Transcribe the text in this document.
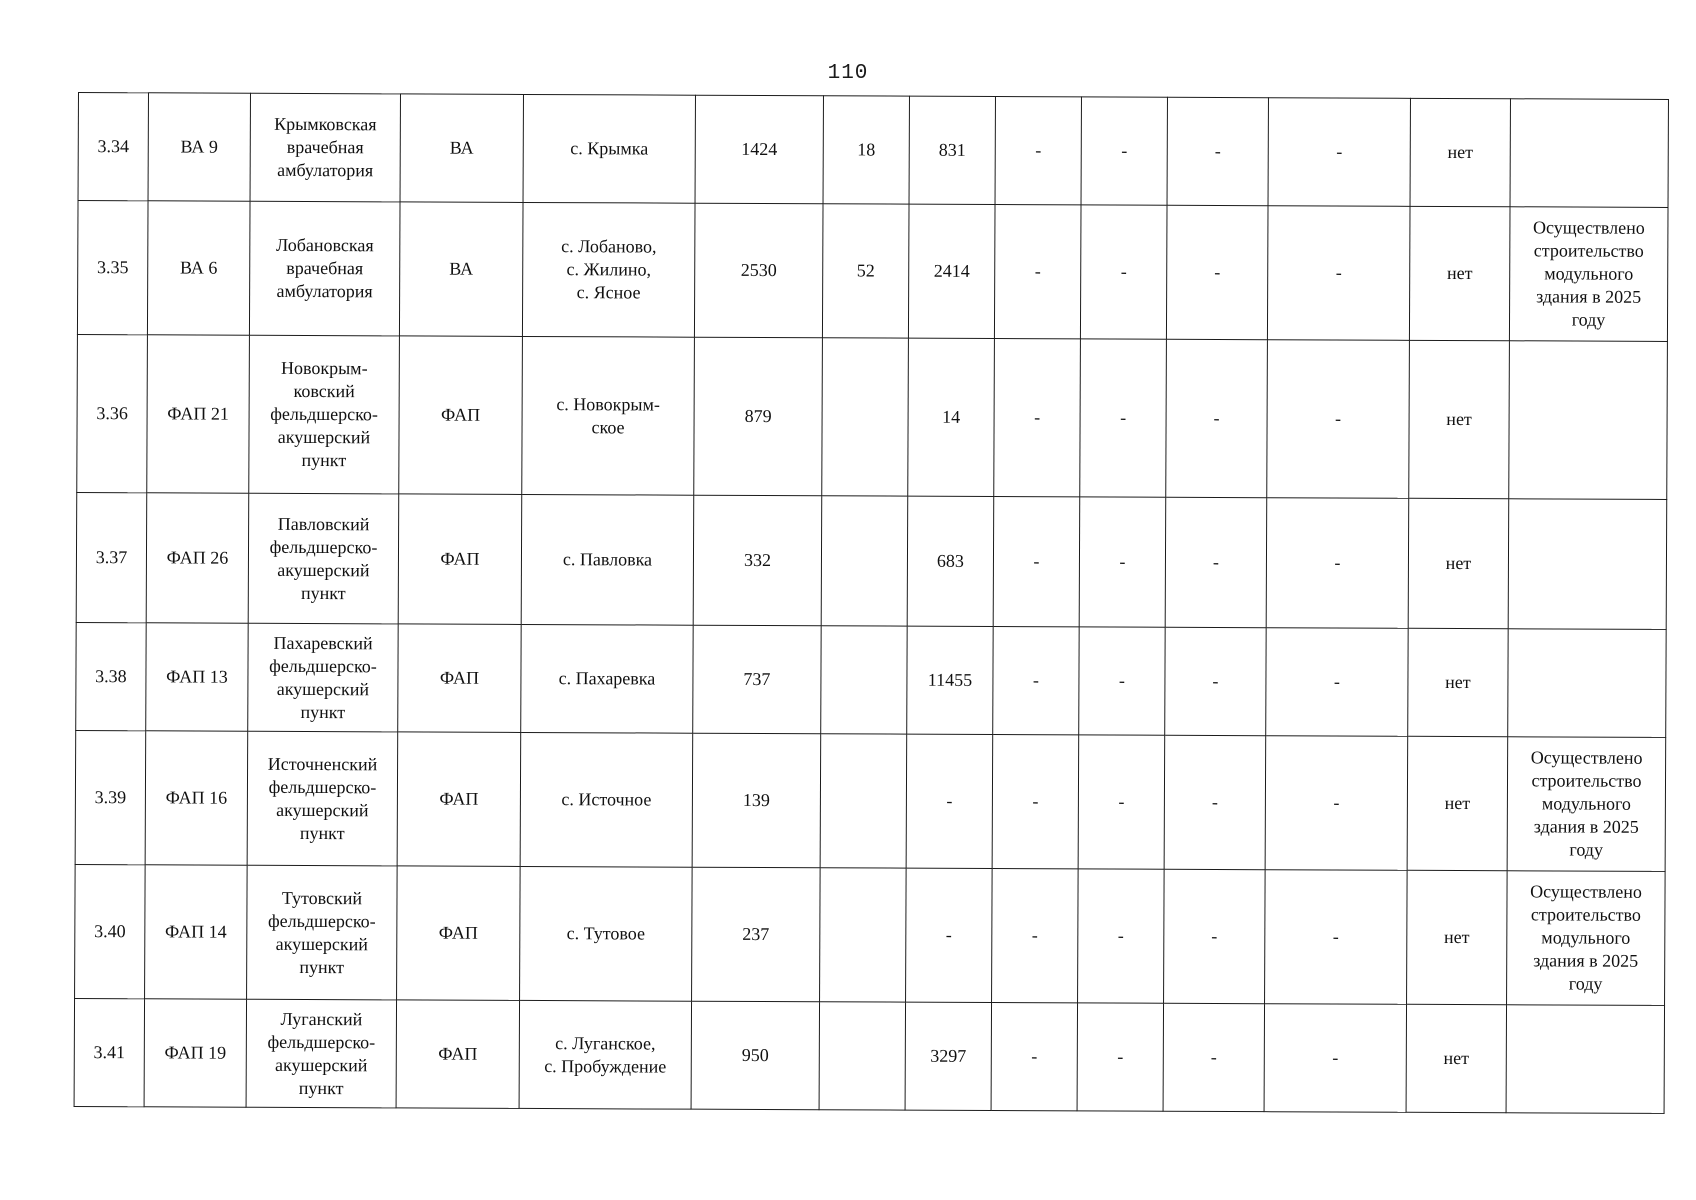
110
3.34	ВА 9	Крымковская
врачебная
амбулатория	ВА	с. Крымка	1424	18	831	-	-	-	-	нет	
3.35	ВА 6	Лобановская
врачебная
амбулатория	ВА	с. Лобаново,
с. Жилино,
с. Ясное	2530	52	2414	-	-	-	-	нет	Осуществлено
строительство
модульного
здания в 2025
году
3.36	ФАП 21	Новокрым-
ковский
фельдшерско-
акушерский
пункт	ФАП	с. Новокрым-
ское	879		14	-	-	-	-	нет	
3.37	ФАП 26	Павловский
фельдшерско-
акушерский
пункт	ФАП	с. Павловка	332		683	-	-	-	-	нет	
3.38	ФАП 13	Пахаревский
фельдшерско-
акушерский
пункт	ФАП	с. Пахаревка	737		11455	-	-	-	-	нет	
3.39	ФАП 16	Источненский
фельдшерско-
акушерский
пункт	ФАП	с. Источное	139		-	-	-	-	-	нет	Осуществлено
строительство
модульного
здания в 2025
году
3.40	ФАП 14	Тутовский
фельдшерско-
акушерский
пункт	ФАП	с. Тутовое	237		-	-	-	-	-	нет	Осуществлено
строительство
модульного
здания в 2025
году
3.41	ФАП 19	Луганский
фельдшерско-
акушерский
пункт	ФАП	с. Луганское,
с. Пробуждение	950		3297	-	-	-	-	нет	
